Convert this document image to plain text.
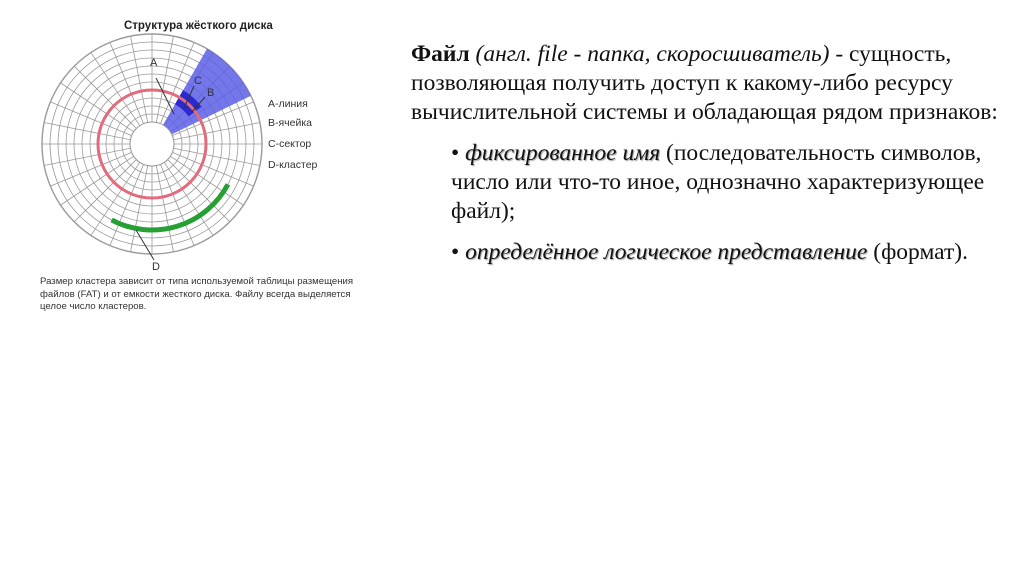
A
C
B
D
Структура жёсткого диска
A-линия
B-ячейка
C-сектор
D-кластер
Размер кластера зависит от типа используемой таблицы размещения файлов (FAT) и от емкости жесткого диска. Файлу всегда выделяется целое число кластеров.

Файл (англ. file - папка, скоросшиватель) - сущность, позволяющая получить доступ к какому-либо ресурсу вычислительной системы и обладающая рядом признаков:

• фиксированное имя (последовательность символов, число или что-то иное, однозначно характеризующее файл);
• определённое логическое представление (формат).
